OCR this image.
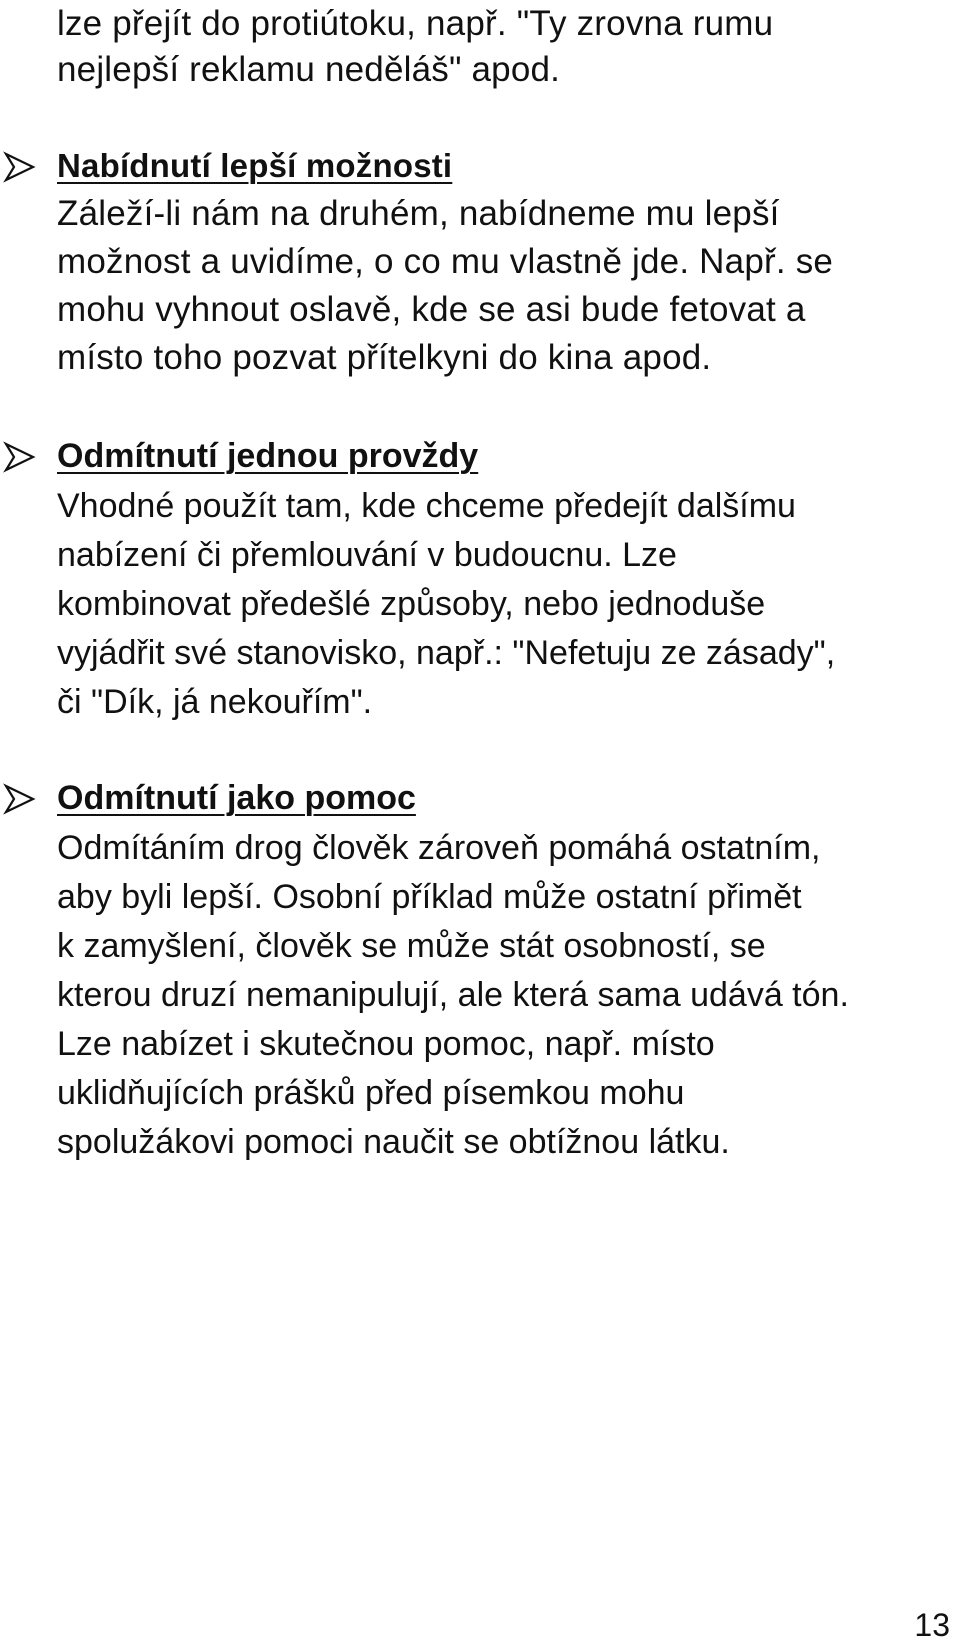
lze přejít do protiútoku, např. "Ty zrovna rumu

nejlepší reklamu neděláš" apod.

Nabídnutí lepší možnosti

Záleží-li nám na druhém, nabídneme mu lepší

možnost a uvidíme, o co mu vlastně jde. Např. se

mohu vyhnout oslavě, kde se asi bude fetovat a

místo toho pozvat přítelkyni do kina apod.

Odmítnutí jednou provždy

Vhodné použít tam, kde chceme předejít dalšímu

nabízení či přemlouvání v budoucnu. Lze

kombinovat předešlé způsoby, nebo jednoduše

vyjádřit své stanovisko, např.: "Nefetuju ze zásady",

či "Dík, já nekouřím".

Odmítnutí jako pomoc

Odmítáním drog člověk zároveň pomáhá ostatním,

aby byli lepší. Osobní příklad může ostatní přimět

k zamyšlení, člověk se může stát osobností, se

kterou druzí nemanipulují, ale která sama udává tón.

Lze nabízet i skutečnou pomoc, např. místo

uklidňujících prášků před písemkou mohu

spolužákovi pomoci naučit se obtížnou látku.

13
